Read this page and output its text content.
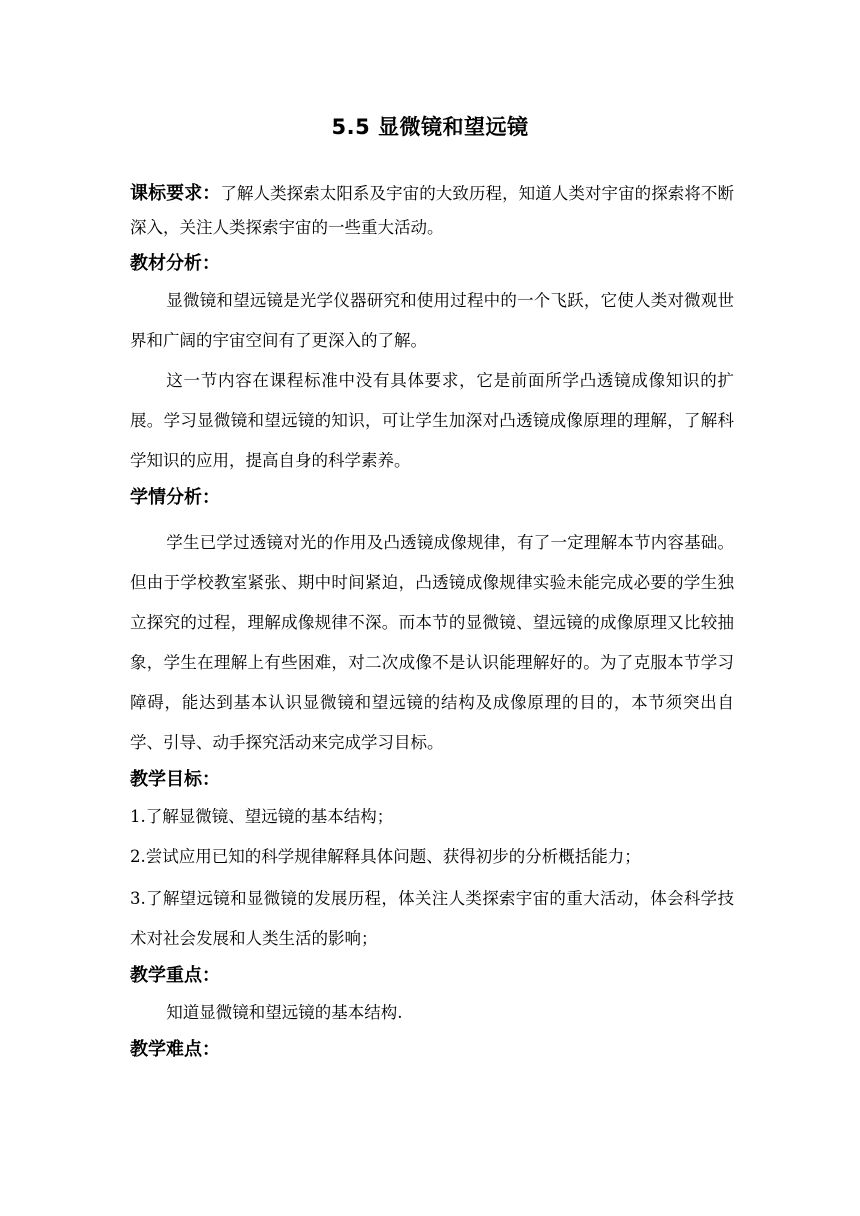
5.5 显微镜和望远镜

课标要求：了解人类探索太阳系及宇宙的大致历程，知道人类对宇宙的探索将不断深入，关注人类探索宇宙的一些重大活动。

教材分析：

显微镜和望远镜是光学仪器研究和使用过程中的一个飞跃，它使人类对微观世界和广阔的宇宙空间有了更深入的了解。

这一节内容在课程标准中没有具体要求，它是前面所学凸透镜成像知识的扩展。学习显微镜和望远镜的知识，可让学生加深对凸透镜成像原理的理解，了解科学知识的应用，提高自身的科学素养。

学情分析：

学生已学过透镜对光的作用及凸透镜成像规律，有了一定理解本节内容基础。但由于学校教室紧张、期中时间紧迫，凸透镜成像规律实验未能完成必要的学生独立探究的过程，理解成像规律不深。而本节的显微镜、望远镜的成像原理又比较抽象，学生在理解上有些困难，对二次成像不是认识能理解好的。为了克服本节学习障碍，能达到基本认识显微镜和望远镜的结构及成像原理的目的，本节须突出自学、引导、动手探究活动来完成学习目标。

教学目标：

1.了解显微镜、望远镜的基本结构；

2.尝试应用已知的科学规律解释具体问题、获得初步的分析概括能力；

3.了解望远镜和显微镜的发展历程，体关注人类探索宇宙的重大活动，体会科学技术对社会发展和人类生活的影响；

教学重点：

知道显微镜和望远镜的基本结构.

教学难点：
